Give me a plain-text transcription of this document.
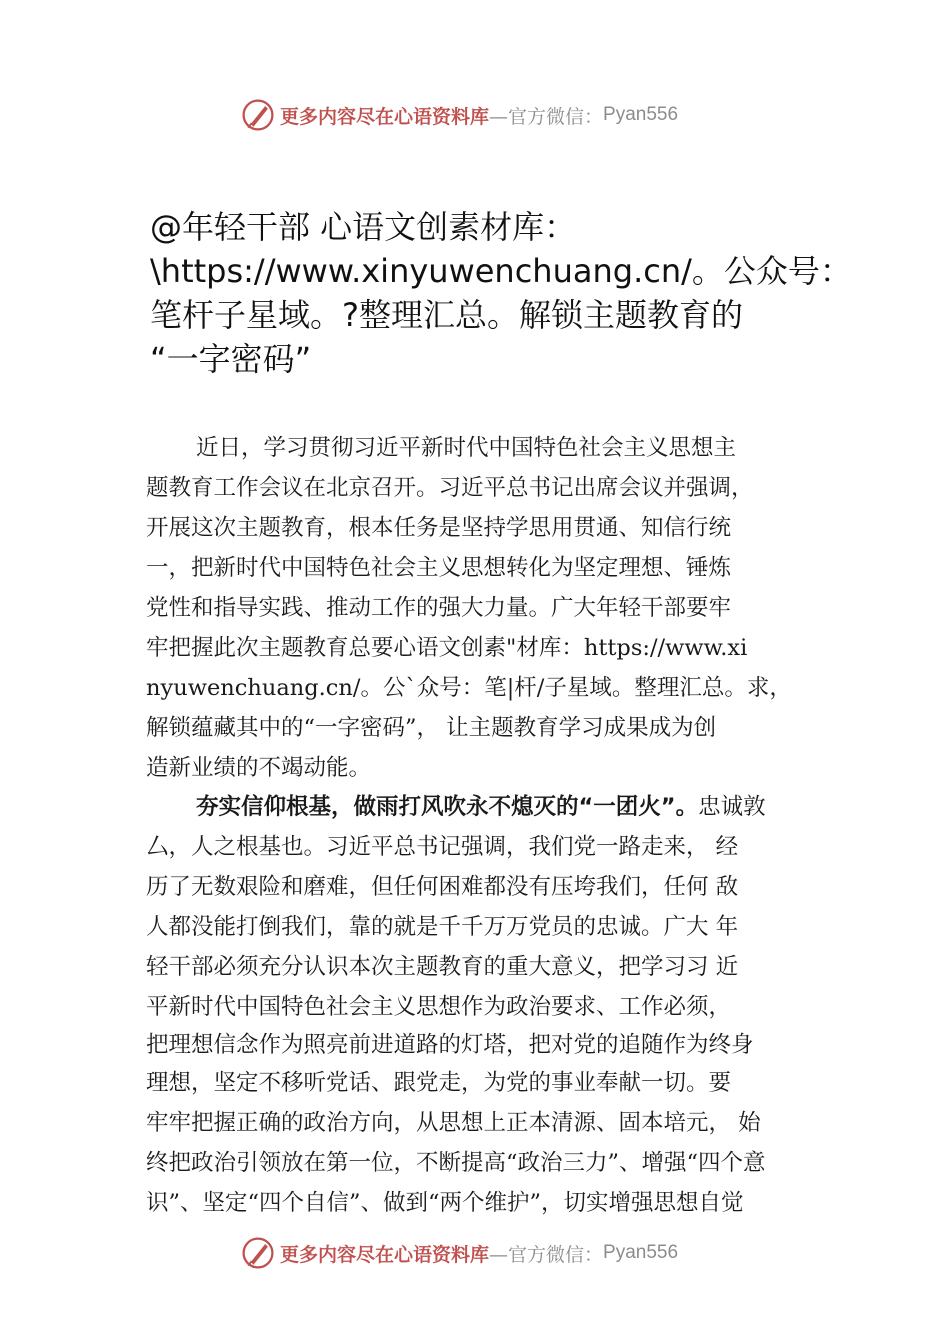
更多内容尽在心语资料库 —官方微信： Pyan556
@年轻干部 心语文创素材库：
\https://www.xinyuwenchuang.cn/。公众号：
笔杆子星域。?整理汇总。解锁主题教育的
“一字密码”
近日，学习贯彻习近平新时代中国特色社会主义思想主
题教育工作会议在北京召开。习近平总书记出席会议并强调，
开展这次主题教育，根本任务是坚持学思用贯通、知信行统
一，把新时代中国特色社会主义思想转化为坚定理想、锤炼
党性和指导实践、推动工作的强大力量。广大年轻干部要牢
牢把握此次主题教育总要心语文创素"材库：https://www.xi
nyuwenchuang.cn/。公`众号：笔|杆/子星域。整理汇总。求，
解锁蕴藏其中的“一字密码”， 让主题教育学习成果成为创
造新业绩的不竭动能。
夯实信仰根基，做雨打风吹永不熄灭的“一团火”。忠诚敦
厶，人之根基也。习近平总书记强调，我们党一路走来， 经
历了无数艰险和磨难，但任何困难都没有压垮我们，任何 敌
人都没能打倒我们，靠的就是千千万万党员的忠诚。广大 年
轻干部必须充分认识本次主题教育的重大意义，把学习习 近
平新时代中国特色社会主义思想作为政治要求、工作必须，
把理想信念作为照亮前进道路的灯塔，把对党的追随作为终身
理想，坚定不移听党话、跟党走，为党的事业奉献一切。要
牢牢把握正确的政治方向，从思想上正本清源、固本培元， 始
终把政治引领放在第一位，不断提高“政治三力”、增强“四个意
识”、坚定“四个自信”、做到“两个维护”，切实增强思想自觉
更多内容尽在心语资料库 —官方微信： Pyan556
